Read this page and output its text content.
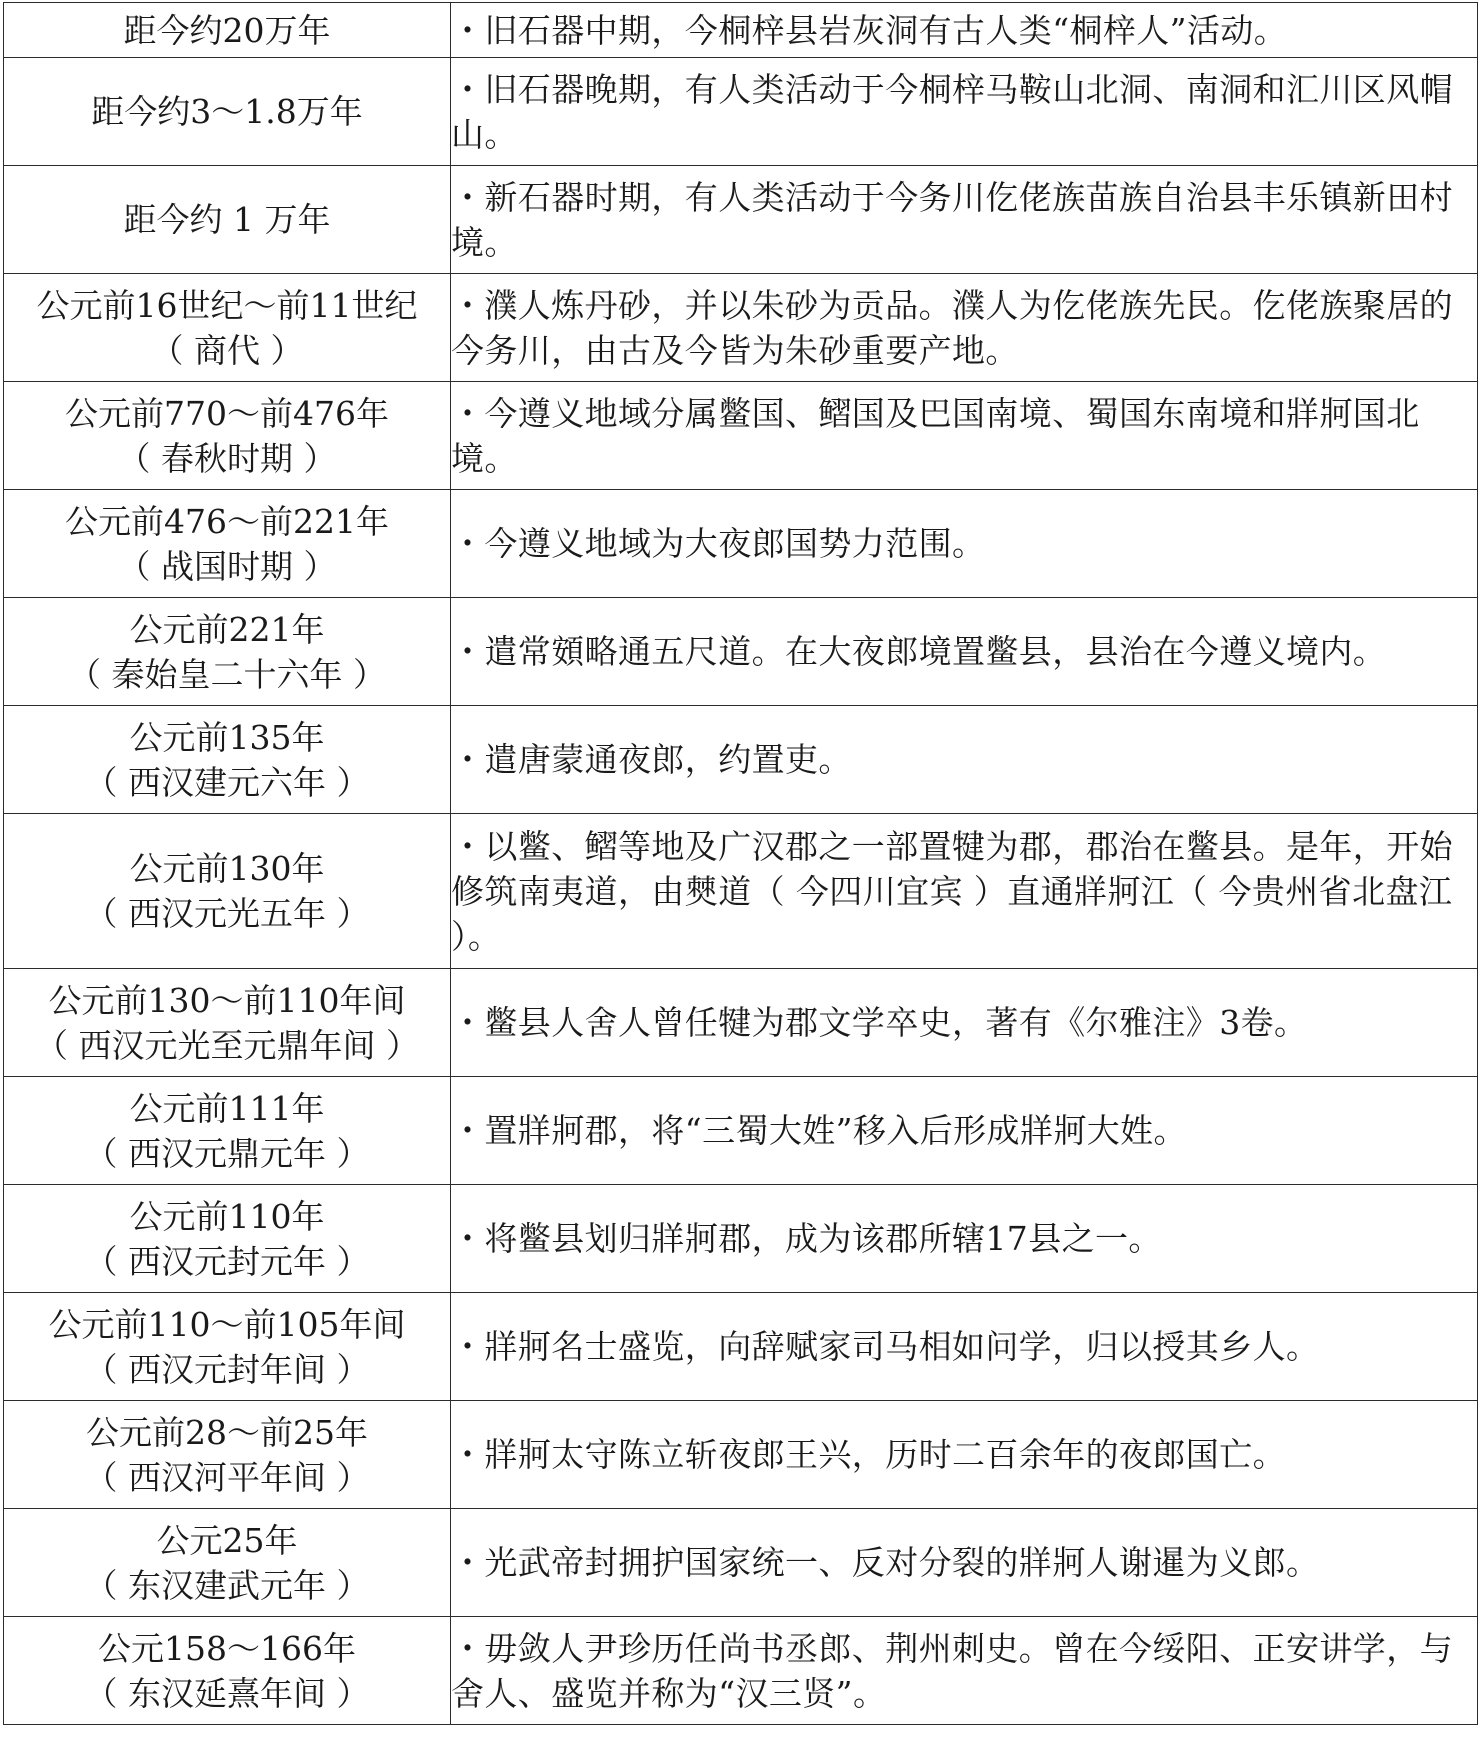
距今约20万年	・旧石器中期，今桐梓县岩灰洞有古人类“桐梓人”活动。

距今约3～1.8万年	・旧石器晚期，有人类活动于今桐梓马鞍山北洞、南洞和汇川区风帽山。

距今约 1 万年	・新石器时期，有人类活动于今务川仡佬族苗族自治县丰乐镇新田村境。

公元前16世纪～前11世纪
（ 商代 ）	・濮人炼丹砂，并以朱砂为贡品。濮人为仡佬族先民。仡佬族聚居的今务川，由古及今皆为朱砂重要产地。

公元前770～前476年
（ 春秋时期 ）	・今遵义地域分属鳖国、鳛国及巴国南境、蜀国东南境和牂牁国北境。

公元前476～前221年
（ 战国时期 ）	・今遵义地域为大夜郎国势力范围。

公元前221年
（ 秦始皇二十六年 ）	・遣常頞略通五尺道。在大夜郎境置鳖县，县治在今遵义境内。

公元前135年
（ 西汉建元六年 ）	・遣唐蒙通夜郎，约置吏。

公元前130年
（ 西汉元光五年 ）	・以鳖、鳛等地及广汉郡之一部置犍为郡，郡治在鳖县。是年，开始修筑南夷道，由僰道（ 今四川宜宾 ）直通牂牁江（ 今贵州省北盘江 ）。

公元前130～前110年间
（ 西汉元光至元鼎年间 ）	・鳖县人舍人曾任犍为郡文学卒史，著有《尔雅注》3卷。

公元前111年
（ 西汉元鼎元年 ）	・置牂牁郡，将“三蜀大姓”移入后形成牂牁大姓。

公元前110年
（ 西汉元封元年 ）	・将鳖县划归牂牁郡，成为该郡所辖17县之一。

公元前110～前105年间
（ 西汉元封年间 ）	・牂牁名士盛览，向辞赋家司马相如问学，归以授其乡人。

公元前28～前25年
（ 西汉河平年间 ）	・牂牁太守陈立斩夜郎王兴，历时二百余年的夜郎国亡。

公元25年
（ 东汉建武元年 ）	・光武帝封拥护国家统一、反对分裂的牂牁人谢暹为义郎。

公元158～166年
（ 东汉延熹年间 ）	・毋敛人尹珍历任尚书丞郎、荆州刺史。曾在今绥阳、正安讲学，与舍人、盛览并称为“汉三贤”。
